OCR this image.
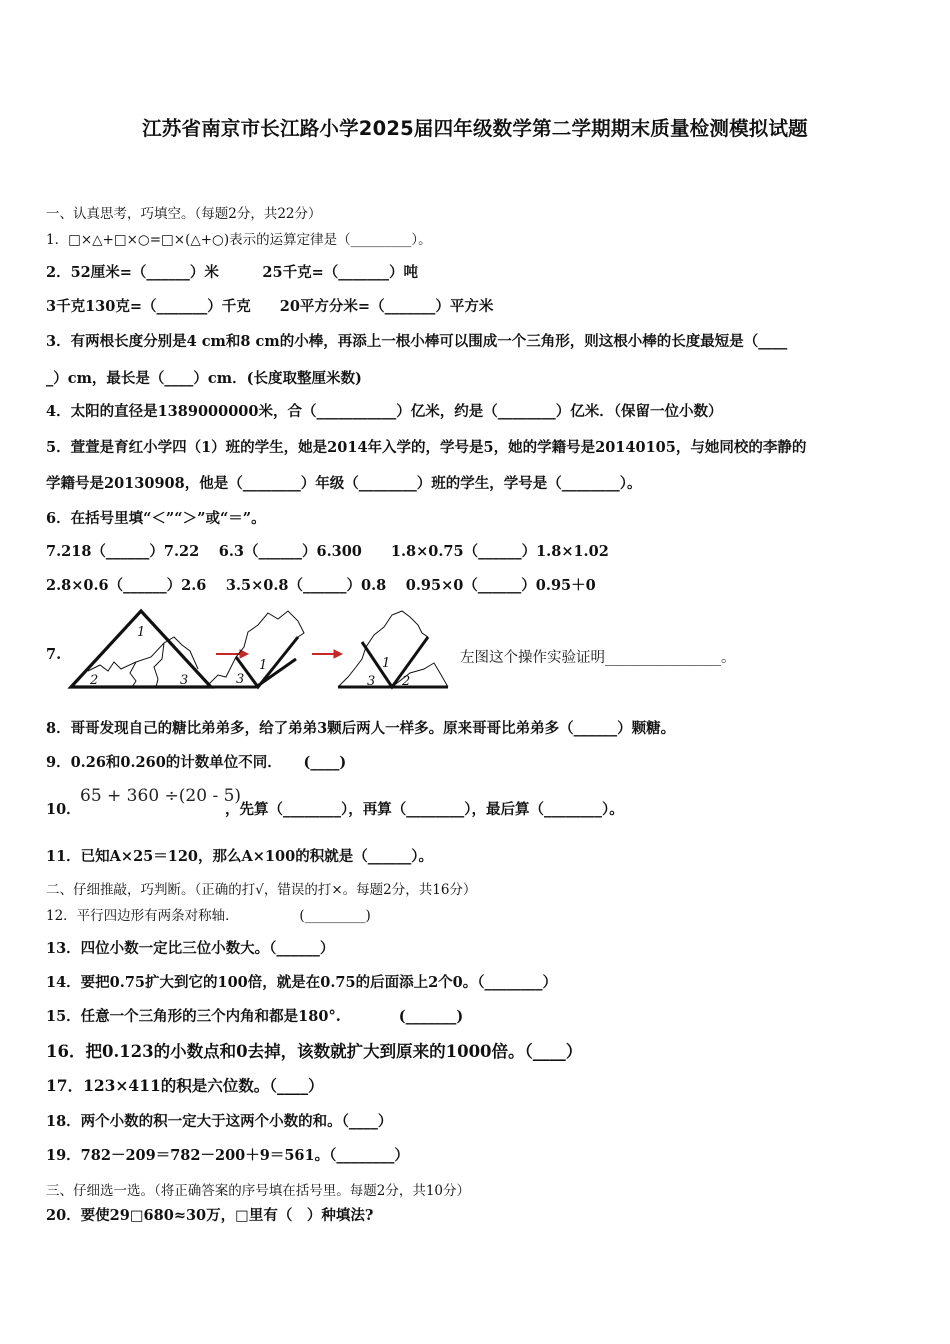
江苏省南京市长江路小学2025届四年级数学第二学期期末质量检测模拟试题
一、认真思考，巧填空。（每题2分，共22分）
1．□×△+□×○=□×(△+○)表示的运算定律是（_________）。
2．52厘米=（______）米　　　25千克=（_______）吨
3千克130克=（_______）千克　　20平方分米=（_______）平方米
3．有两根长度分别是4 cm和8 cm的小棒，再添上一根小棒可以围成一个三角形，则这根小棒的长度最短是（____
_）cm，最长是（____）cm．(长度取整厘米数)
4．太阳的直径是1389000000米，合（___________）亿米，约是（________）亿米．（保留一位小数）
5．萱萱是育红小学四（1）班的学生，她是2014年入学的，学号是5，她的学籍号是20140105，与她同校的李静的
学籍号是20130908，他是（________）年级（________）班的学生，学号是（________）。
6．在括号里填“＜”“＞”或“＝”。
7.218（______）7.22　 6.3（______）6.300　　1.8×0.75（______）1.8×1.02
2.8×0.6（______）2.6　 3.5×0.8（______）0.8　 0.95×0（______）0.95＋0
7.
1
2	3	3
1
3 2
1	左图这个操作实验证明________________。
8．哥哥发现自己的糖比弟弟多，给了弟弟3颗后两人一样多。原来哥哥比弟弟多（______）颗糖。
9．0.26和0.260的计数单位不同．　　(____)
10．
65 + 360 ÷(20 - 5)
，先算（________），再算（________），最后算（________）。
11．已知A×25＝120，那么A×100的积就是（______）。
二、仔细推敲，巧判断。（正确的打√，错误的打×。每题2分，共16分）
12．平行四边形有两条对称轴．　　　　　(_________)
13．四位小数一定比三位小数大。（______）
14．要把0.75扩大到它的100倍，就是在0.75的后面添上2个0。（________）
15．任意一个三角形的三个内角和都是180°.　　　　(_______)
16．把0.123的小数点和0去掉，该数就扩大到原来的1000倍。（____）
17．123×411的积是六位数。（____）
18．两个小数的积一定大于这两个小数的和。（____）
19．782－209＝782－200＋9＝561。（________）
三、仔细选一选。（将正确答案的序号填在括号里。每题2分，共10分）
20．要使29□680≈30万，□里有（　）种填法?
